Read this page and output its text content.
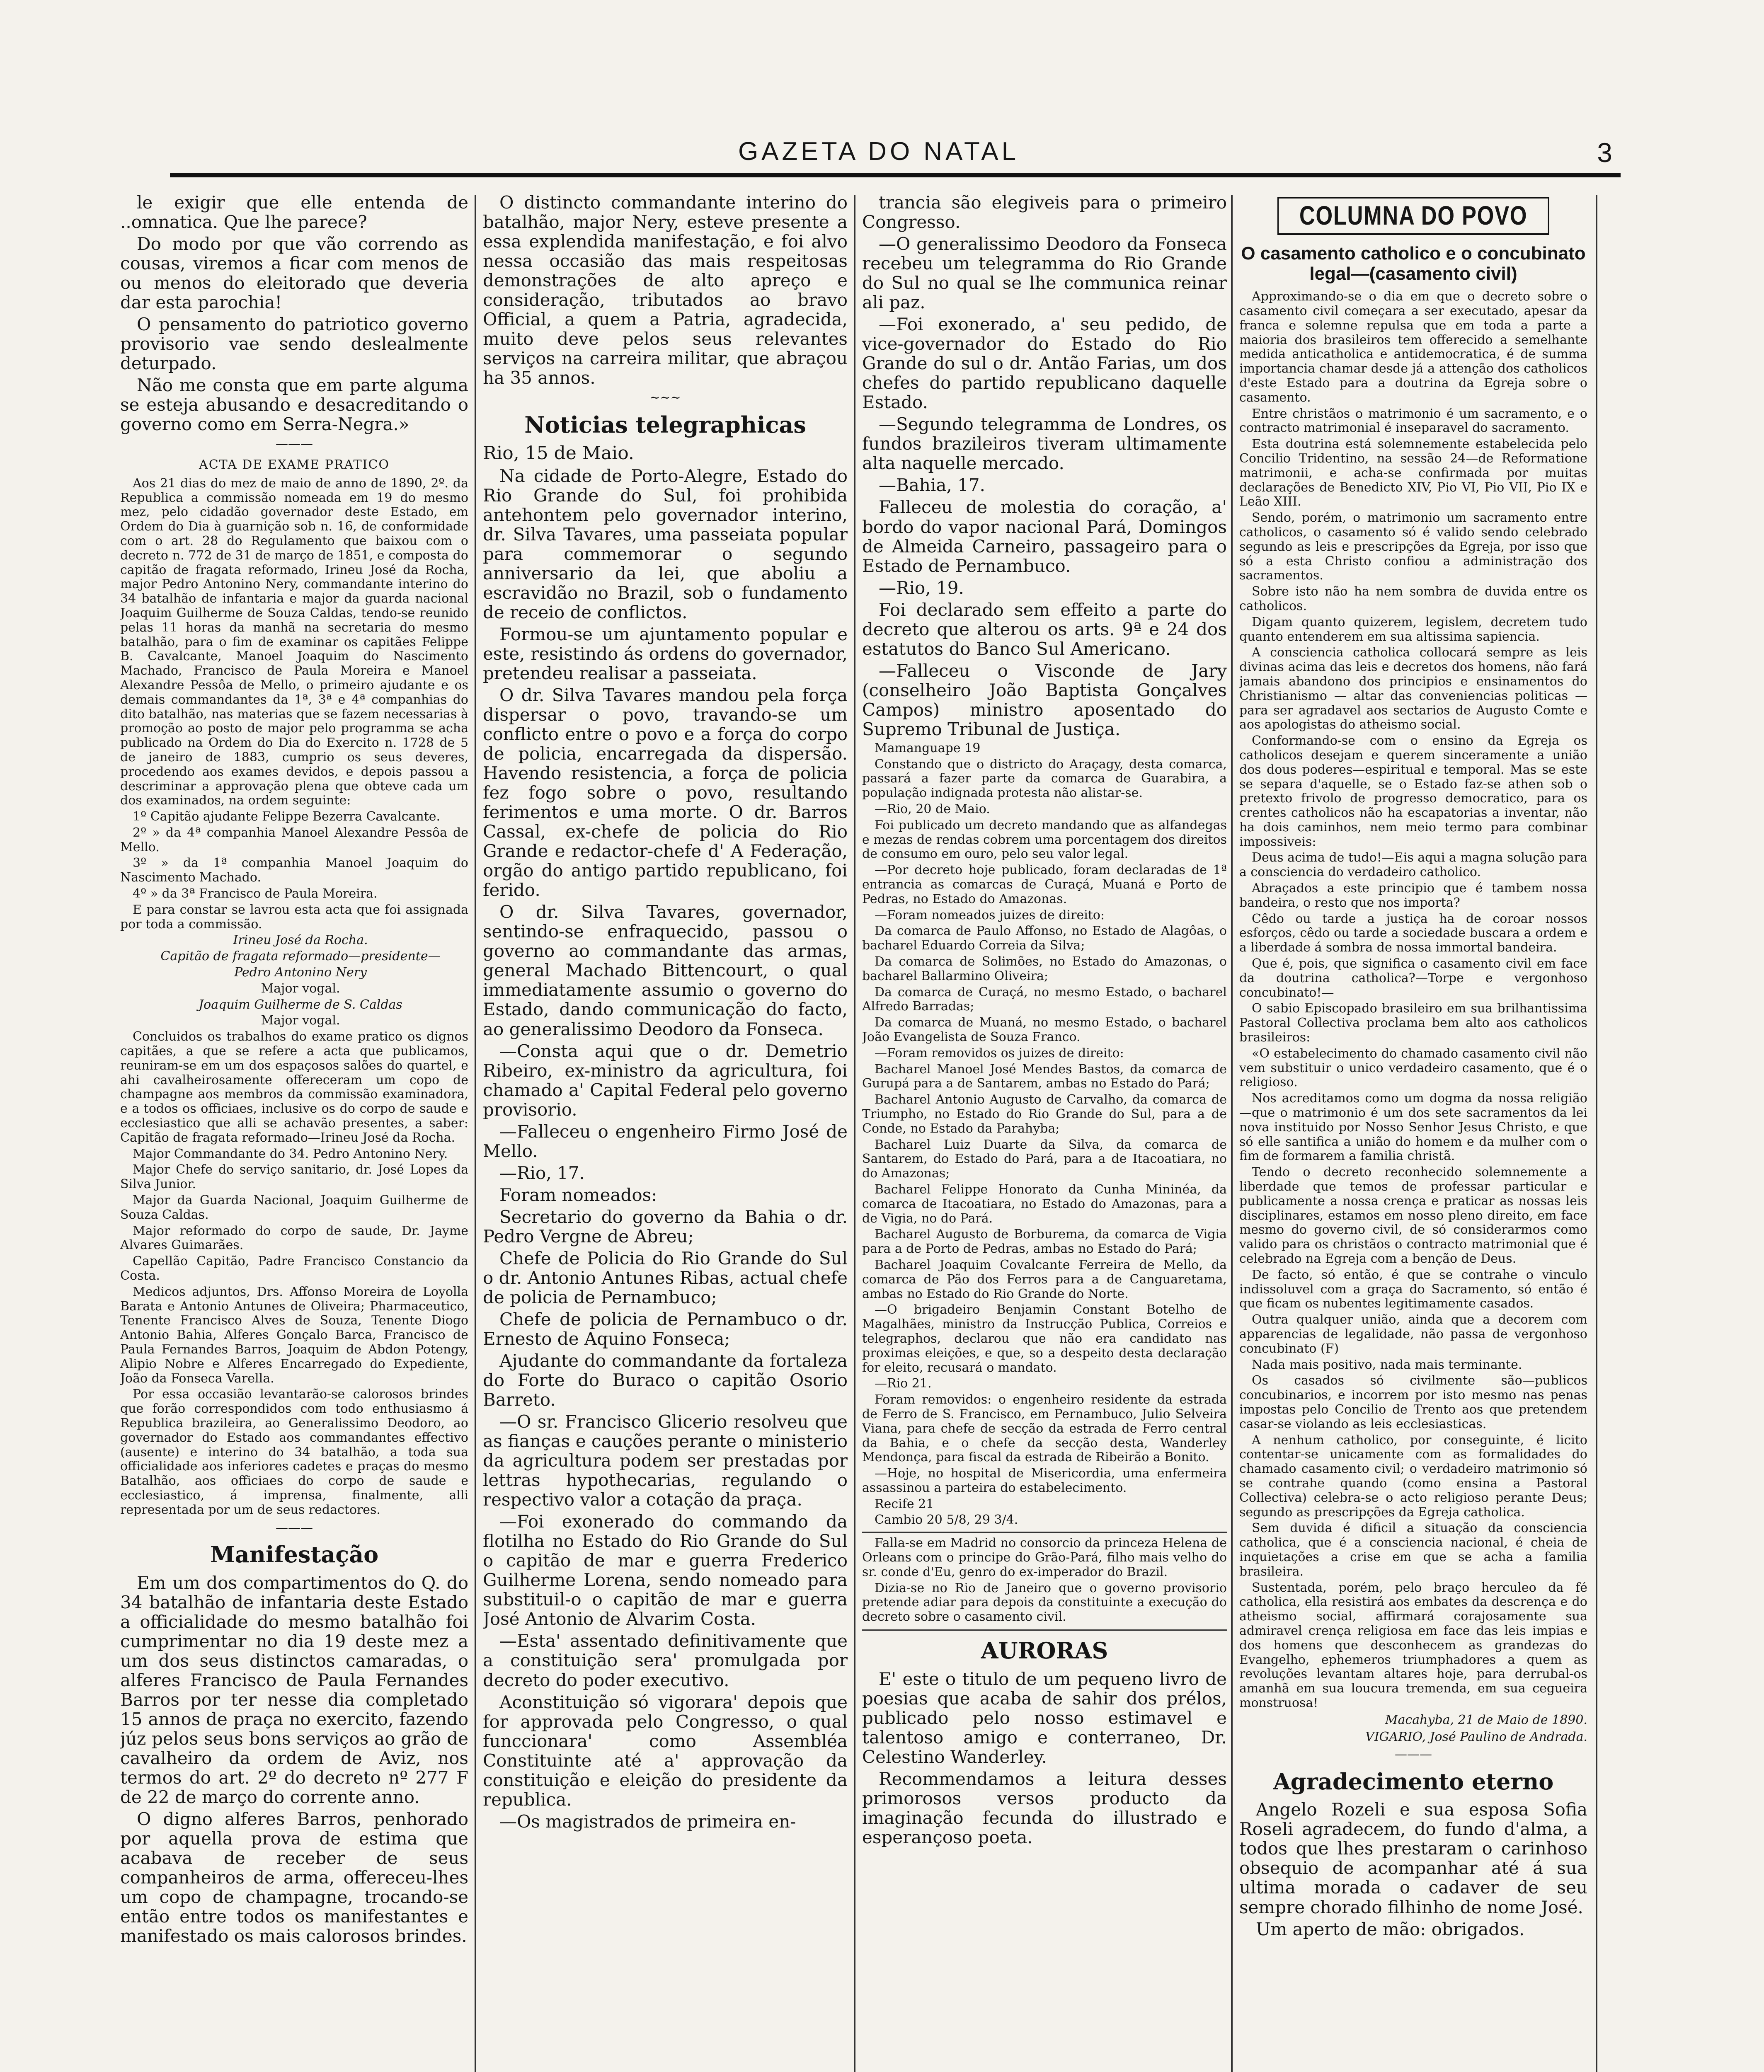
GAZETA DO NATAL	3

le exigir que elle entenda de ..omnatica. Que lhe parece?

Do modo por que vão correndo as cousas, viremos a ficar com menos de ou menos do eleitorado que deveria dar esta parochia!

O pensamento do patriotico governo provisorio vae sendo deslealmente deturpado.

Não me consta que em parte alguma se esteja abusando e desacreditando o governo como em Serra-Negra.»

———
ACTA DE EXAME PRATICO

Aos 21 dias do mez de maio de anno de 1890, 2º. da Republica a commissão nomeada em 19 do mesmo mez, pelo cidadão governador deste Estado, em Ordem do Dia à guarnição sob n. 16, de conformidade com o art. 28 do Regulamento que baixou com o decreto n. 772 de 31 de março de 1851, e composta do capitão de fragata reformado, Irineu José da Rocha, major Pedro Antonino Nery, commandante interino do 34 batalhão de infantaria e major da guarda nacional Joaquim Guilherme de Souza Caldas, tendo-se reunido pelas 11 horas da manhã na secretaria do mesmo batalhão, para o fim de examinar os capitães Felippe B. Cavalcante, Manoel Joaquim do Nascimento Machado, Francisco de Paula Moreira e Manoel Alexandre Pessôa de Mello, o primeiro ajudante e os demais commandantes da 1ª, 3ª e 4ª companhias do dito batalhão, nas materias que se fazem necessarias à promoção ao posto de major pelo programma se acha publicado na Ordem do Dia do Exercito n. 1728 de 5 de janeiro de 1883, cumprio os seus deveres, procedendo aos exames devidos, e depois passou a descriminar a approvação plena que obteve cada um dos examinados, na ordem seguinte:

1º Capitão ajudante Felippe Bezerra Cavalcante.

2º » da 4ª companhia Manoel Alexandre Pessôa de Mello.

3º » da 1ª companhia Manoel Joaquim do Nascimento Machado.

4º » da 3ª Francisco de Paula Moreira.

E para constar se lavrou esta acta que foi assignada por toda a commissão.

Irineu José da Rocha.

Capitão de fragata reformado—presidente—

Pedro Antonino Nery

Major vogal.

Joaquim Guilherme de S. Caldas

Major vogal.

Concluidos os trabalhos do exame pratico os dignos capitães, a que se refere a acta que publicamos, reuniram-se em um dos espaçosos salões do quartel, e ahi cavalheirosamente offereceram um copo de champagne aos membros da commissão examinadora, e a todos os officiaes, inclusive os do corpo de saude e ecclesiastico que alli se achavão presentes, a saber: Capitão de fragata reformado—Irineu José da Rocha.

Major Commandante do 34. Pedro Antonino Nery.

Major Chefe do serviço sanitario, dr. José Lopes da Silva Junior.

Major da Guarda Nacional, Joaquim Guilherme de Souza Caldas.

Major reformado do corpo de saude, Dr. Jayme Alvares Guimarães.

Capellão Capitão, Padre Francisco Constancio da Costa.

Medicos adjuntos, Drs. Affonso Moreira de Loyolla Barata e Antonio Antunes de Oliveira; Pharmaceutico, Tenente Francisco Alves de Souza, Tenente Diogo Antonio Bahia, Alferes Gonçalo Barca, Francisco de Paula Fernandes Barros, Joaquim de Abdon Potengy, Alipio Nobre e Alferes Encarregado do Expediente, João da Fonseca Varella.

Por essa occasião levantarão-se calorosos brindes que forão correspondidos com todo enthusiasmo á Republica brazileira, ao Generalissimo Deodoro, ao governador do Estado aos commandantes effectivo (ausente) e interino do 34 batalhão, a toda sua officialidade aos inferiores cadetes e praças do mesmo Batalhão, aos officiaes do corpo de saude e ecclesiastico, á imprensa, finalmente, alli representada por um de seus redactores.

———
Manifestação

Em um dos compartimentos do Q. do 34 batalhão de infantaria deste Estado a officialidade do mesmo batalhão foi cumprimentar no dia 19 deste mez a um dos seus distinctos camaradas, o alferes Francisco de Paula Fernandes Barros por ter nesse dia completado 15 annos de praça no exercito, fazendo júz pelos seus bons serviços ao grão de cavalheiro da ordem de Aviz, nos termos do art. 2º do decreto nº 277 F de 22 de março do corrente anno.

O digno alferes Barros, penhorado por aquella prova de estima que acabava de receber de seus companheiros de arma, offereceu-lhes um copo de champagne, trocando-se então entre todos os manifestantes e manifestado os mais calorosos brindes.

O distincto commandante interino do batalhão, major Nery, esteve presente a essa explendida manifestação, e foi alvo nessa occasião das mais respeitosas demonstrações de alto apreço e consideração, tributados ao bravo Official, a quem a Patria, agradecida, muito deve pelos seus relevantes serviços na carreira militar, que abraçou ha 35 annos.

~~~
Noticias telegraphicas
Rio, 15 de Maio.

Na cidade de Porto-Alegre, Estado do Rio Grande do Sul, foi prohibida antehontem pelo governador interino, dr. Silva Tavares, uma passeiata popular para commemorar o segundo anniversario da lei, que aboliu a escravidão no Brazil, sob o fundamento de receio de conflictos.

Formou-se um ajuntamento popular e este, resistindo ás ordens do governador, pretendeu realisar a passeiata.

O dr. Silva Tavares mandou pela força dispersar o povo, travando-se um conflicto entre o povo e a força do corpo de policia, encarregada da dispersão. Havendo resistencia, a força de policia fez fogo sobre o povo, resultando ferimentos e uma morte. O dr. Barros Cassal, ex-chefe de policia do Rio Grande e redactor-chefe d' A Federação, orgão do antigo partido republicano, foi ferido.

O dr. Silva Tavares, governador, sentindo-se enfraquecido, passou o governo ao commandante das armas, general Machado Bittencourt, o qual immediatamente assumio o governo do Estado, dando communicação do facto, ao generalissimo Deodoro da Fonseca.

—Consta aqui que o dr. Demetrio Ribeiro, ex-ministro da agricultura, foi chamado a' Capital Federal pelo governo provisorio.

—Falleceu o engenheiro Firmo José de Mello.

—Rio, 17.

Foram nomeados:

Secretario do governo da Bahia o dr. Pedro Vergne de Abreu;

Chefe de Policia do Rio Grande do Sul o dr. Antonio Antunes Ribas, actual chefe de policia de Pernambuco;

Chefe de policia de Pernambuco o dr. Ernesto de Aquino Fonseca;

Ajudante do commandante da fortaleza do Forte do Buraco o capitão Osorio Barreto.

—O sr. Francisco Glicerio resolveu que as fianças e cauções perante o ministerio da agricultura podem ser prestadas por lettras hypothecarias, regulando o respectivo valor a cotação da praça.

—Foi exonerado do commando da flotilha no Estado do Rio Grande do Sul o capitão de mar e guerra Frederico Guilherme Lorena, sendo nomeado para substituil-o o capitão de mar e guerra José Antonio de Alvarim Costa.

—Esta' assentado definitivamente que a constituição sera' promulgada por decreto do poder executivo.

Aconstituição só vigorara' depois que for approvada pelo Congresso, o qual funccionara' como Assembléa Constituinte até a' approvação da constituição e eleição do presidente da republica.

—Os magistrados de primeira en-

trancia são elegiveis para o primeiro Congresso.

—O generalissimo Deodoro da Fonseca recebeu um telegramma do Rio Grande do Sul no qual se lhe communica reinar ali paz.

—Foi exonerado, a' seu pedido, de vice-governador do Estado do Rio Grande do sul o dr. Antão Farias, um dos chefes do partido republicano daquelle Estado.

—Segundo telegramma de Londres, os fundos brazileiros tiveram ultimamente alta naquelle mercado.

—Bahia, 17.

Falleceu de molestia do coração, a' bordo do vapor nacional Pará, Domingos de Almeida Carneiro, passageiro para o Estado de Pernambuco.

—Rio, 19.

Foi declarado sem effeito a parte do decreto que alterou os arts. 9ª e 24 dos estatutos do Banco Sul Americano.

—Falleceu o Visconde de Jary (conselheiro João Baptista Gonçalves Campos) ministro aposentado do Supremo Tribunal de Justiça.

Mamanguape 19

Constando que o districto do Araçagy, desta comarca, passará a fazer parte da comarca de Guarabira, a população indignada protesta não alistar-se.

—Rio, 20 de Maio.

Foi publicado um decreto mandando que as alfandegas e mezas de rendas cobrem uma porcentagem dos direitos de consumo em ouro, pelo seu valor legal.

—Por decreto hoje publicado, foram declaradas de 1ª entrancia as comarcas de Curaçá, Muaná e Porto de Pedras, no Estado do Amazonas.

—Foram nomeados juizes de direito:

Da comarca de Paulo Affonso, no Estado de Alagôas, o bacharel Eduardo Correia da Silva;

Da comarca de Solimões, no Estado do Amazonas, o bacharel Ballarmino Oliveira;

Da comarca de Curaçá, no mesmo Estado, o bacharel Alfredo Barradas;

Da comarca de Muaná, no mesmo Estado, o bacharel João Evangelista de Souza Franco.

—Foram removidos os juizes de direito:

Bacharel Manoel José Mendes Bastos, da comarca de Gurupá para a de Santarem, ambas no Estado do Pará;

Bacharel Antonio Augusto de Carvalho, da comarca de Triumpho, no Estado do Rio Grande do Sul, para a de Conde, no Estado da Parahyba;

Bacharel Luiz Duarte da Silva, da comarca de Santarem, do Estado do Pará, para a de Itacoatiara, no do Amazonas;

Bacharel Felippe Honorato da Cunha Mininéa, da comarca de Itacoatiara, no Estado do Amazonas, para a de Vigia, no do Pará.

Bacharel Augusto de Borburema, da comarca de Vigia para a de Porto de Pedras, ambas no Estado do Pará;

Bacharel Joaquim Covalcante Ferreira de Mello, da comarca de Pão dos Ferros para a de Canguaretama, ambas no Estado do Rio Grande do Norte.

—O brigadeiro Benjamin Constant Botelho de Magalhães, ministro da Instrucção Publica, Correios e telegraphos, declarou que não era candidato nas proximas eleições, e que, so a despeito desta declaração for eleito, recusará o mandato.

—Rio 21.

Foram removidos: o engenheiro residente da estrada de Ferro de S. Francisco, em Pernambuco, Julio Selveira Viana, para chefe de secção da estrada de Ferro central da Bahia, e o chefe da secção desta, Wanderley Mendonça, para fiscal da estrada de Ribeirão a Bonito.

—Hoje, no hospital de Misericordia, uma enfermeira assassinou a parteira do estabelecimento.

Recife 21

Cambio 20 5/8, 29 3/4.

Falla-se em Madrid no consorcio da princeza Helena de Orleans com o principe do Grão-Pará, filho mais velho do sr. conde d'Eu, genro do ex-imperador do Brazil.

Dizia-se no Rio de Janeiro que o governo provisorio pretende adiar para depois da constituinte a execução do decreto sobre o casamento civil.

AURORAS

E' este o titulo de um pequeno livro de poesias que acaba de sahir dos prélos, publicado pelo nosso estimavel e talentoso amigo e conterraneo, Dr. Celestino Wanderley.

Recommendamos a leitura desses primorosos versos producto da imaginação fecunda do illustrado e esperançoso poeta.

COLUMNA DO POVO
O casamento catholico e o concubinato legal—(casamento civil)

Approximando-se o dia em que o decreto sobre o casamento civil começara a ser executado, apesar da franca e solemne repulsa que em toda a parte a maioria dos brasileiros tem offerecido a semelhante medida anticatholica e antidemocratica, é de summa importancia chamar desde já a attenção dos catholicos d'este Estado para a doutrina da Egreja sobre o casamento.

Entre christãos o matrimonio é um sacramento, e o contracto matrimonial é inseparavel do sacramento.

Esta doutrina está solemnemente estabelecida pelo Concilio Tridentino, na sessão 24—de Reformatione matrimonii, e acha-se confirmada por muitas declarações de Benedicto XIV, Pio VI, Pio VII, Pio IX e Leão XIII.

Sendo, porém, o matrimonio um sacramento entre catholicos, o casamento só é valido sendo celebrado segundo as leis e prescripções da Egreja, por isso que só a esta Christo confiou a administração dos sacramentos.

Sobre isto não ha nem sombra de duvida entre os catholicos.

Digam quanto quizerem, legislem, decretem tudo quanto entenderem em sua altissima sapiencia.

A consciencia catholica collocará sempre as leis divinas acima das leis e decretos dos homens, não fará jamais abandono dos principios e ensinamentos do Christianismo — altar das conveniencias politicas — para ser agradavel aos sectarios de Augusto Comte e aos apologistas do atheismo social.

Conformando-se com o ensino da Egreja os catholicos desejam e querem sinceramente a união dos dous poderes—espiritual e temporal. Mas se este se separa d'aquelle, se o Estado faz-se athen sob o pretexto frivolo de progresso democratico, para os crentes catholicos não ha escapatorias a inventar, não ha dois caminhos, nem meio termo para combinar impossiveis:

Deus acima de tudo!—Eis aqui a magna solução para a consciencia do verdadeiro catholico.

Abraçados a este principio que é tambem nossa bandeira, o resto que nos importa?

Cêdo ou tarde a justiça ha de coroar nossos esforços, cêdo ou tarde a sociedade buscara a ordem e a liberdade á sombra de nossa immortal bandeira.

Que é, pois, que significa o casamento civil em face da doutrina catholica?—Torpe e vergonhoso concubinato!—

O sabio Episcopado brasileiro em sua brilhantissima Pastoral Collectiva proclama bem alto aos catholicos brasileiros:

«O estabelecimento do chamado casamento civil não vem substituir o unico verdadeiro casamento, que é o religioso.

Nos acreditamos como um dogma da nossa religião—que o matrimonio é um dos sete sacramentos da lei nova instituido por Nosso Senhor Jesus Christo, e que só elle santifica a união do homem e da mulher com o fim de formarem a familia christã.

Tendo o decreto reconhecido solemnemente a liberdade que temos de professar particular e publicamente a nossa crença e praticar as nossas leis disciplinares, estamos em nosso pleno direito, em face mesmo do governo civil, de só considerarmos como valido para os christãos o contracto matrimonial que é celebrado na Egreja com a benção de Deus.

De facto, só então, é que se contrahe o vinculo indissoluvel com a graça do Sacramento, só então é que ficam os nubentes legitimamente casados.

Outra qualquer união, ainda que a decorem com apparencias de legalidade, não passa de vergonhoso concubinato (F)

Nada mais positivo, nada mais terminante.

Os casados só civilmente são—publicos concubinarios, e incorrem por isto mesmo nas penas impostas pelo Concilio de Trento aos que pretendem casar-se violando as leis ecclesiasticas.

A nenhum catholico, por conseguinte, é licito contentar-se unicamente com as formalidades do chamado casamento civil; o verdadeiro matrimonio só se contrahe quando (como ensina a Pastoral Collectiva) celebra-se o acto religioso perante Deus; segundo as prescripções da Egreja catholica.

Sem duvida é dificil a situação da consciencia catholica, que é a consciencia nacional, é cheia de inquietações a crise em que se acha a familia brasileira.

Sustentada, porém, pelo braço herculeo da fé catholica, ella resistirá aos embates da descrença e do atheismo social, affirmará corajosamente sua admiravel crença religiosa em face das leis impias e dos homens que desconhecem as grandezas do Evangelho, ephemeros triumphadores a quem as revoluções levantam altares hoje, para derrubal-os amanhã em sua loucura tremenda, em sua cegueira monstruosa!

Macahyba, 21 de Maio de 1890.
VIGARIO, José Paulino de Andrada.
———
Agradecimento eterno

Angelo Rozeli e sua esposa Sofia Roseli agradecem, do fundo d'alma, a todos que lhes prestaram o carinhoso obsequio de acompanhar até á sua ultima morada o cadaver de seu sempre chorado filhinho de nome José.

Um aperto de mão: obrigados.
